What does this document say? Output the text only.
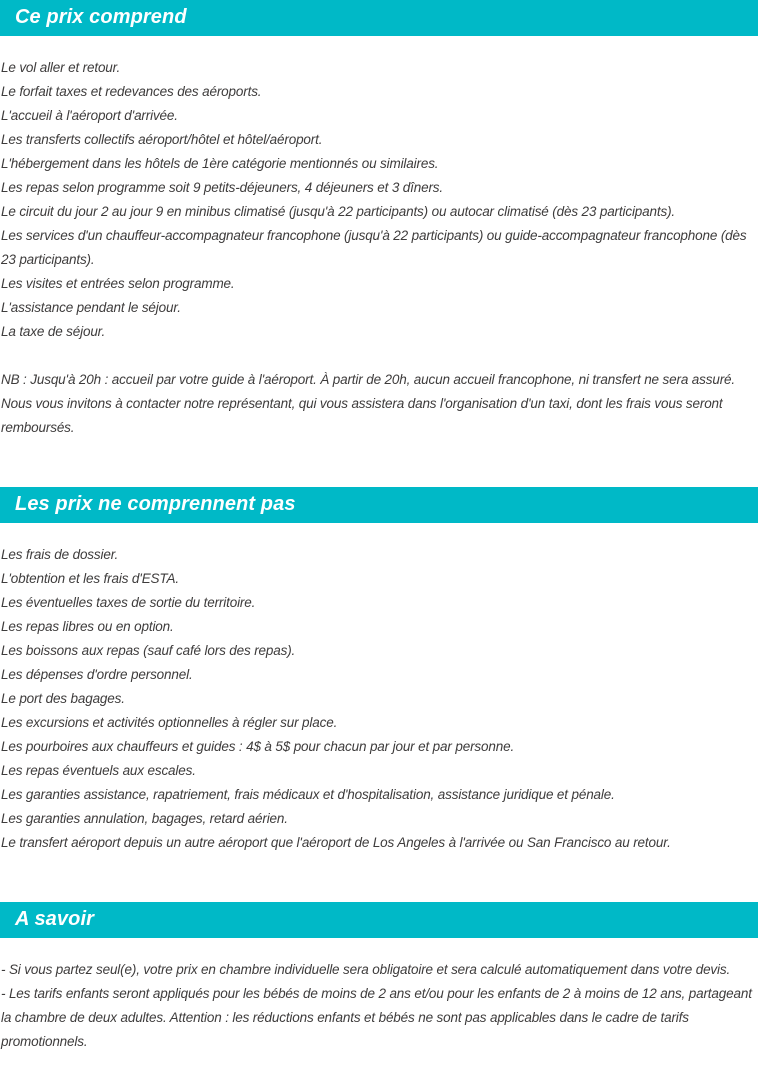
Ce prix comprend

Le vol aller et retour.

Le forfait taxes et redevances des aéroports.

L'accueil à l'aéroport d'arrivée.

Les transferts collectifs aéroport/hôtel et hôtel/aéroport.

L'hébergement dans les hôtels de 1ère catégorie mentionnés ou similaires.

Les repas selon programme soit 9 petits-déjeuners, 4 déjeuners et 3 dîners.

Le circuit du jour 2 au jour 9 en minibus climatisé (jusqu'à 22 participants) ou autocar climatisé (dès 23 participants).

Les services d'un chauffeur-accompagnateur francophone (jusqu'à 22 participants) ou guide-accompagnateur francophone (dès 23 participants).

Les visites et entrées selon programme.

L'assistance pendant le séjour.

La taxe de séjour.

NB : Jusqu'à 20h : accueil par votre guide à l'aéroport. À partir de 20h, aucun accueil francophone, ni transfert ne sera assuré. Nous vous invitons à contacter notre représentant, qui vous assistera dans l'organisation d'un taxi, dont les frais vous seront remboursés.

Les prix ne comprennent pas

Les frais de dossier.

L'obtention et les frais d'ESTA.

Les éventuelles taxes de sortie du territoire.

Les repas libres ou en option.

Les boissons aux repas (sauf café lors des repas).

Les dépenses d'ordre personnel.

Le port des bagages.

Les excursions et activités optionnelles à régler sur place.

Les pourboires aux chauffeurs et guides : 4$ à 5$ pour chacun par jour et par personne.

Les repas éventuels aux escales.

Les garanties assistance, rapatriement, frais médicaux et d'hospitalisation, assistance juridique et pénale.

Les garanties annulation, bagages, retard aérien.

Le transfert aéroport depuis un autre aéroport que l'aéroport de Los Angeles à l'arrivée ou San Francisco au retour.

A savoir

- Si vous partez seul(e), votre prix en chambre individuelle sera obligatoire et sera calculé automatiquement dans votre devis.

- Les tarifs enfants seront appliqués pour les bébés de moins de 2 ans et/ou pour les enfants de 2 à moins de 12 ans, partageant la chambre de deux adultes. Attention : les réductions enfants et bébés ne sont pas applicables dans le cadre de tarifs promotionnels.
